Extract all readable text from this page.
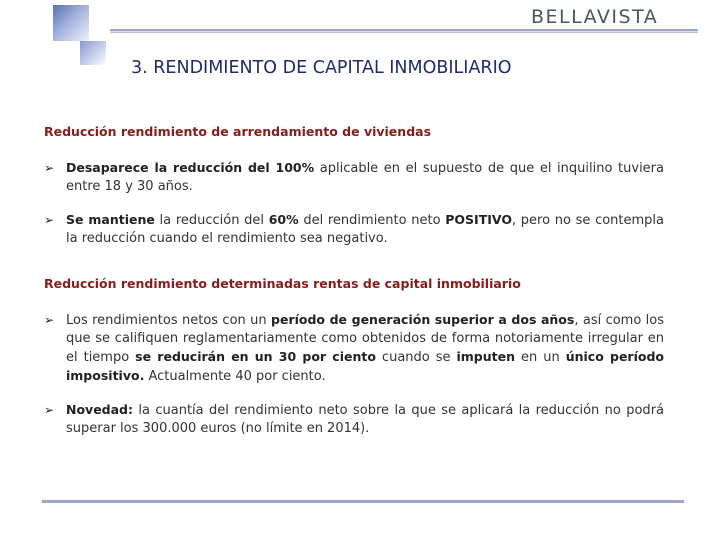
BELLAVISTA
3. RENDIMIENTO DE CAPITAL INMOBILIARIO
Reducción rendimiento de arrendamiento de viviendas
➢ Desaparece la reducción del 100% aplicable en el supuesto de que el inquilino tuviera entre 18 y 30 años.
➢ Se mantiene la reducción del 60% del rendimiento neto POSITIVO, pero no se contempla la reducción cuando el rendimiento sea negativo.
Reducción rendimiento determinadas rentas de capital inmobiliario
➢ Los rendimientos netos con un período de generación superior a dos años, así como los que se califiquen reglamentariamente como obtenidos de forma notoriamente irregular en el tiempo se reducirán en un 30 por ciento cuando se imputen en un único período impositivo. Actualmente 40 por ciento.
➢ Novedad: la cuantía del rendimiento neto sobre la que se aplicará la reducción no podrá superar los 300.000 euros (no límite en 2014).
